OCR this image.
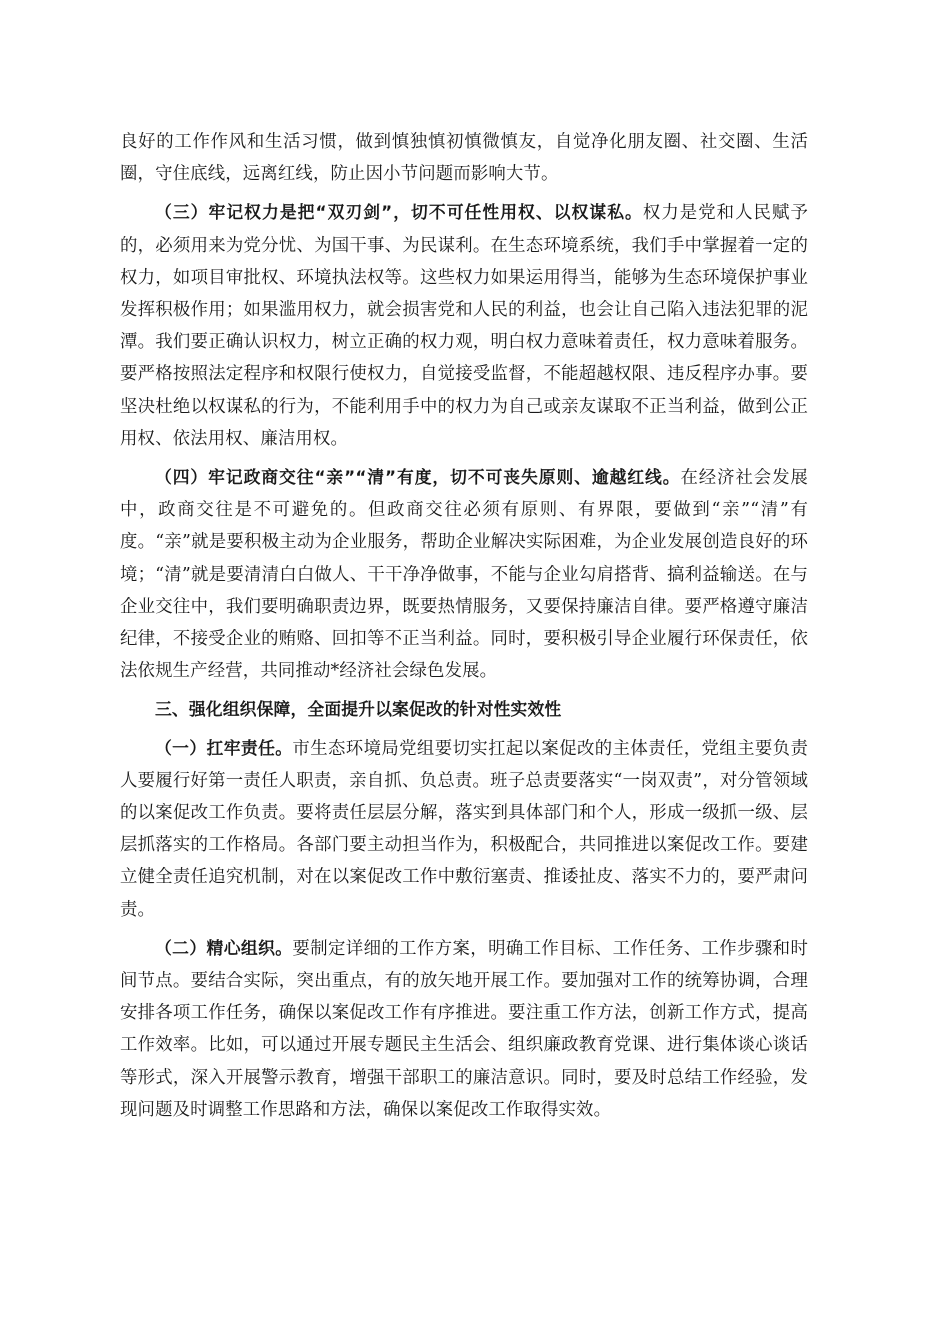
良好的工作作风和生活习惯，做到慎独慎初慎微慎友，自觉净化朋友圈、社交圈、生活圈，守住底线，远离红线，防止因小节问题而影响大节。

（三）牢记权力是把“双刃剑”，切不可任性用权、以权谋私。权力是党和人民赋予的，必须用来为党分忧、为国干事、为民谋利。在生态环境系统，我们手中掌握着一定的权力，如项目审批权、环境执法权等。这些权力如果运用得当，能够为生态环境保护事业发挥积极作用；如果滥用权力，就会损害党和人民的利益，也会让自己陷入违法犯罪的泥潭。我们要正确认识权力，树立正确的权力观，明白权力意味着责任，权力意味着服务。要严格按照法定程序和权限行使权力，自觉接受监督，不能超越权限、违反程序办事。要坚决杜绝以权谋私的行为，不能利用手中的权力为自己或亲友谋取不正当利益，做到公正用权、依法用权、廉洁用权。

（四）牢记政商交往“亲”“清”有度，切不可丧失原则、逾越红线。在经济社会发展中，政商交往是不可避免的。但政商交往必须有原则、有界限，要做到“亲”“清”有度。“亲”就是要积极主动为企业服务，帮助企业解决实际困难，为企业发展创造良好的环境；“清”就是要清清白白做人、干干净净做事，不能与企业勾肩搭背、搞利益输送。在与企业交往中，我们要明确职责边界，既要热情服务，又要保持廉洁自律。要严格遵守廉洁纪律，不接受企业的贿赂、回扣等不正当利益。同时，要积极引导企业履行环保责任，依法依规生产经营，共同推动*经济社会绿色发展。

三、强化组织保障，全面提升以案促改的针对性实效性

（一）扛牢责任。市生态环境局党组要切实扛起以案促改的主体责任，党组主要负责人要履行好第一责任人职责，亲自抓、负总责。班子总责要落实“一岗双责”，对分管领域的以案促改工作负责。要将责任层层分解，落实到具体部门和个人，形成一级抓一级、层层抓落实的工作格局。各部门要主动担当作为，积极配合，共同推进以案促改工作。要建立健全责任追究机制，对在以案促改工作中敷衍塞责、推诿扯皮、落实不力的，要严肃问责。

（二）精心组织。要制定详细的工作方案，明确工作目标、工作任务、工作步骤和时间节点。要结合实际，突出重点，有的放矢地开展工作。要加强对工作的统筹协调，合理安排各项工作任务，确保以案促改工作有序推进。要注重工作方法，创新工作方式，提高工作效率。比如，可以通过开展专题民主生活会、组织廉政教育党课、进行集体谈心谈话等形式，深入开展警示教育，增强干部职工的廉洁意识。同时，要及时总结工作经验，发现问题及时调整工作思路和方法，确保以案促改工作取得实效。
